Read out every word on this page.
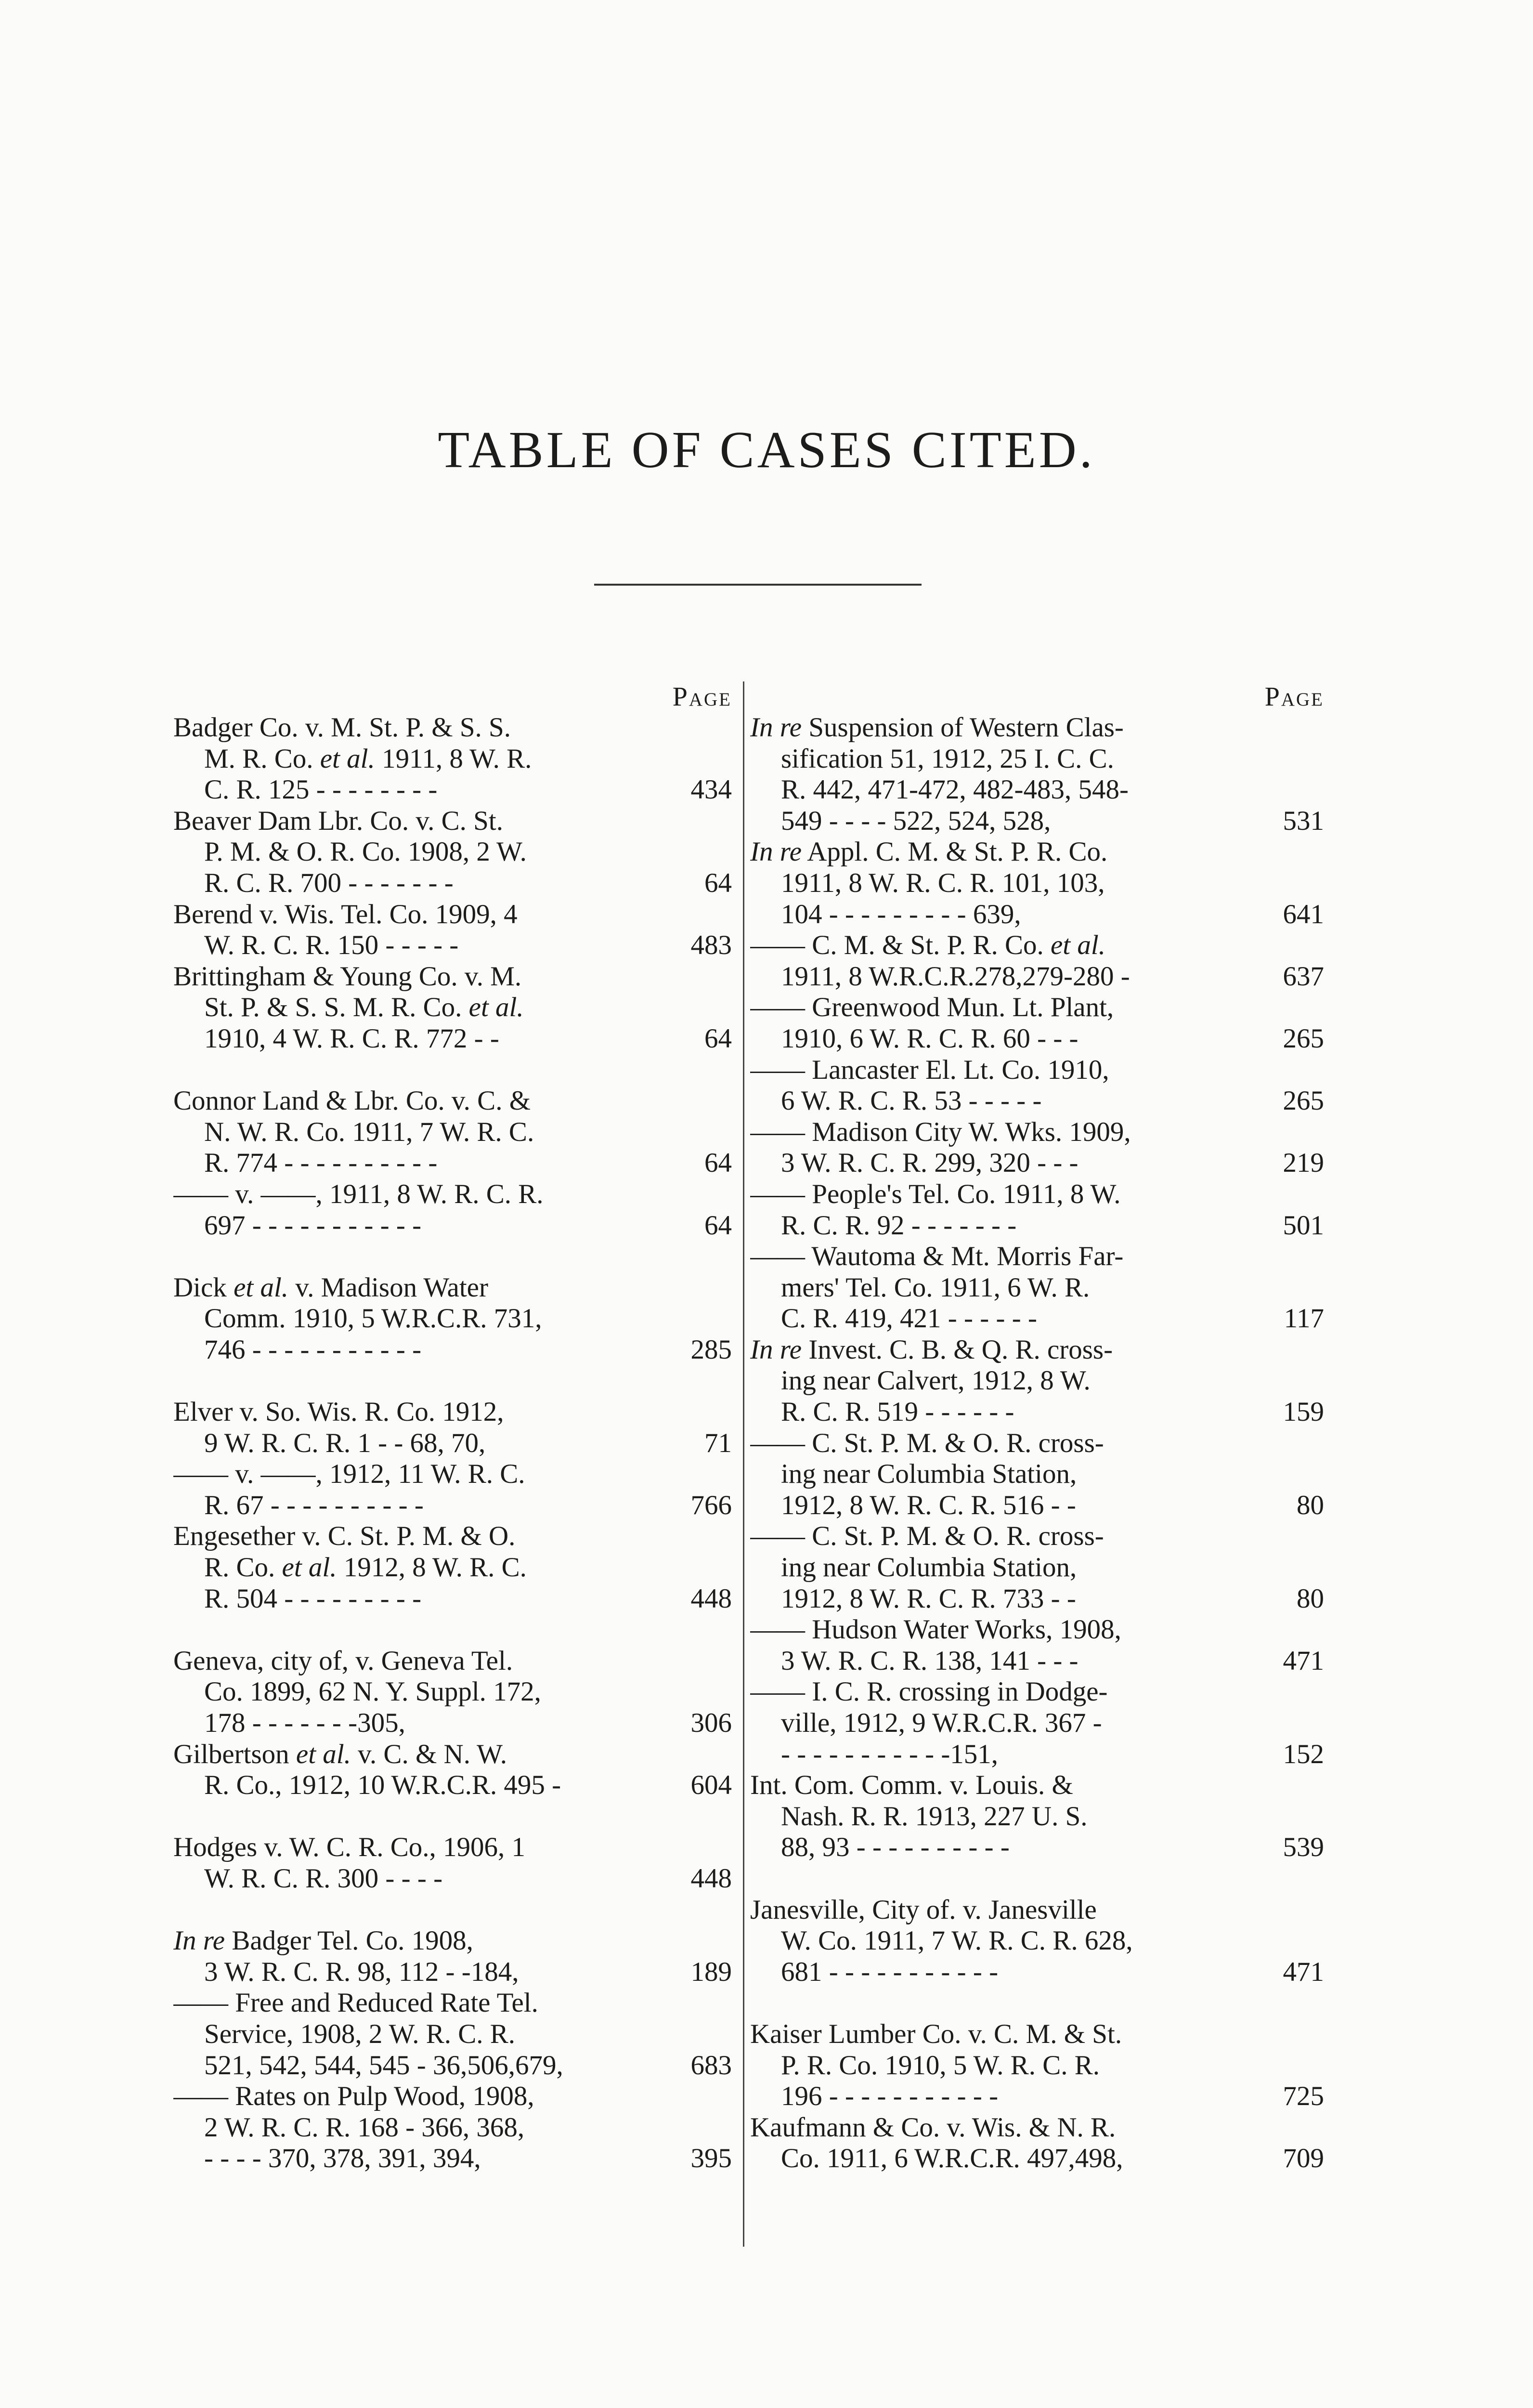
TABLE OF CASES CITED.
Page
Badger Co. v. M. St. P. & S. S.
M. R. Co. et al. 1911, 8 W. R.
C. R. 125 - - - - - - - -	434
Beaver Dam Lbr. Co. v. C. St.
P. M. & O. R. Co. 1908, 2 W.
R. C. R. 700 - - - - - - -	64
Berend v. Wis. Tel. Co. 1909, 4
W. R. C. R. 150 - - - - -	483
Brittingham & Young Co. v. M.
St. P. & S. S. M. R. Co. et al.
1910, 4 W. R. C. R. 772 - -	64
Connor Land & Lbr. Co. v. C. &
N. W. R. Co. 1911, 7 W. R. C.
R. 774 - - - - - - - - - -	64
—— v. ——, 1911, 8 W. R. C. R.
697 - - - - - - - - - - -	64
Dick et al. v. Madison Water
Comm. 1910, 5 W.R.C.R. 731,
746 - - - - - - - - - - -	285
Elver v. So. Wis. R. Co. 1912,
9 W. R. C. R. 1 - - 68, 70,	71
—— v. ——, 1912, 11 W. R. C.
R. 67 - - - - - - - - - -	766
Engesether v. C. St. P. M. & O.
R. Co. et al. 1912, 8 W. R. C.
R. 504 - - - - - - - - -	448
Geneva, city of, v. Geneva Tel.
Co. 1899, 62 N. Y. Suppl. 172,
178 - - - - - - -305,	306
Gilbertson et al. v. C. & N. W.
R. Co., 1912, 10 W.R.C.R. 495 -	604
Hodges v. W. C. R. Co., 1906, 1
W. R. C. R. 300 - - - -	448
In re Badger Tel. Co. 1908,
3 W. R. C. R. 98, 112 - -184,	189
—— Free and Reduced Rate Tel.
Service, 1908, 2 W. R. C. R.
521, 542, 544, 545 - 36,506,679,	683
—— Rates on Pulp Wood, 1908,
2 W. R. C. R. 168 - 366, 368,
- - - - 370, 378, 391, 394,	395
Page
In re Suspension of Western Clas-
sification 51, 1912, 25 I. C. C.
R. 442, 471-472, 482-483, 548-
549 - - - - 522, 524, 528,	531
In re Appl. C. M. & St. P. R. Co.
1911, 8 W. R. C. R. 101, 103,
104 - - - - - - - - - 639,	641
—— C. M. & St. P. R. Co. et al.
1911, 8 W.R.C.R.278,279-280 -	637
—— Greenwood Mun. Lt. Plant,
1910, 6 W. R. C. R. 60 - - -	265
—— Lancaster El. Lt. Co. 1910,
6 W. R. C. R. 53 - - - - -	265
—— Madison City W. Wks. 1909,
3 W. R. C. R. 299, 320 - - -	219
—— People's Tel. Co. 1911, 8 W.
R. C. R. 92 - - - - - - -	501
—— Wautoma & Mt. Morris Far-
mers' Tel. Co. 1911, 6 W. R.
C. R. 419, 421 - - - - - -	117
In re Invest. C. B. & Q. R. cross-
ing near Calvert, 1912, 8 W.
R. C. R. 519 - - - - - -	159
—— C. St. P. M. & O. R. cross-
ing near Columbia Station,
1912, 8 W. R. C. R. 516 - -	80
—— C. St. P. M. & O. R. cross-
ing near Columbia Station,
1912, 8 W. R. C. R. 733 - -	80
—— Hudson Water Works, 1908,
3 W. R. C. R. 138, 141 - - -	471
—— I. C. R. crossing in Dodge-
ville, 1912, 9 W.R.C.R. 367 -
- - - - - - - - - - -151,	152
Int. Com. Comm. v. Louis. &
Nash. R. R. 1913, 227 U. S.
88, 93 - - - - - - - - - -	539
Janesville, City of. v. Janesville
W. Co. 1911, 7 W. R. C. R. 628,
681 - - - - - - - - - - -	471
Kaiser Lumber Co. v. C. M. & St.
P. R. Co. 1910, 5 W. R. C. R.
196 - - - - - - - - - - -	725
Kaufmann & Co. v. Wis. & N. R.
Co. 1911, 6 W.R.C.R. 497,498,	709
